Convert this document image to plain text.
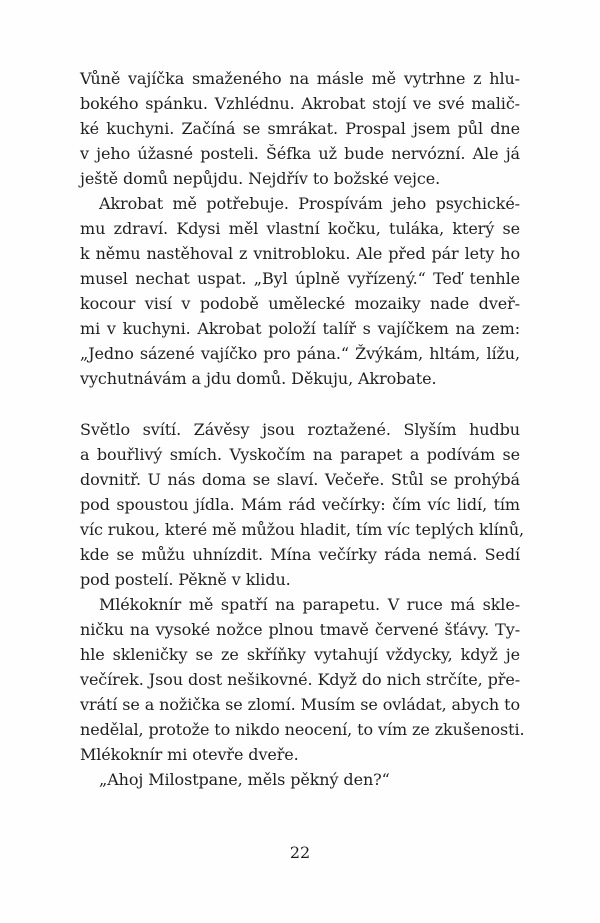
Vůně vajíčka smaženého na másle mě vytrhne z hlu-
bokého spánku. Vzhlédnu. Akrobat stojí ve své malič-
ké kuchyni. Začíná se smrákat. Prospal jsem půl dne
v jeho úžasné posteli. Šéfka už bude nervózní. Ale já
ještě domů nepůjdu. Nejdřív to božské vejce.
Akrobat mě potřebuje. Prospívám jeho psychické-
mu zdraví. Kdysi měl vlastní kočku, tuláka, který se
k němu nastěhoval z vnitrobloku. Ale před pár lety ho
musel nechat uspat. „Byl úplně vyřízený.“ Teď tenhle
kocour visí v podobě umělecké mozaiky nade dveř-
mi v kuchyni. Akrobat položí talíř s vajíčkem na zem:
„Jedno sázené vajíčko pro pána.“ Žvýkám, hltám, lížu,
vychutnávám a jdu domů. Děkuju, Akrobate.
Světlo svítí. Závěsy jsou roztažené. Slyším hudbu
a bouřlivý smích. Vyskočím na parapet a podívám se
dovnitř. U nás doma se slaví. Večeře. Stůl se prohýbá
pod spoustou jídla. Mám rád večírky: čím víc lidí, tím
víc rukou, které mě můžou hladit, tím víc teplých klínů,
kde se můžu uhnízdit. Mína večírky ráda nemá. Sedí
pod postelí. Pěkně v klidu.
Mlékoknír mě spatří na parapetu. V ruce má skle-
ničku na vysoké nožce plnou tmavě červené šťávy. Ty-
hle skleničky se ze skříňky vytahují vždycky, když je
večírek. Jsou dost nešikovné. Když do nich strčíte, pře-
vrátí se a nožička se zlomí. Musím se ovládat, abych to
nedělal, protože to nikdo neocení, to vím ze zkušenosti.
Mlékoknír mi otevře dveře.
„Ahoj Milostpane, měls pěkný den?“
22
